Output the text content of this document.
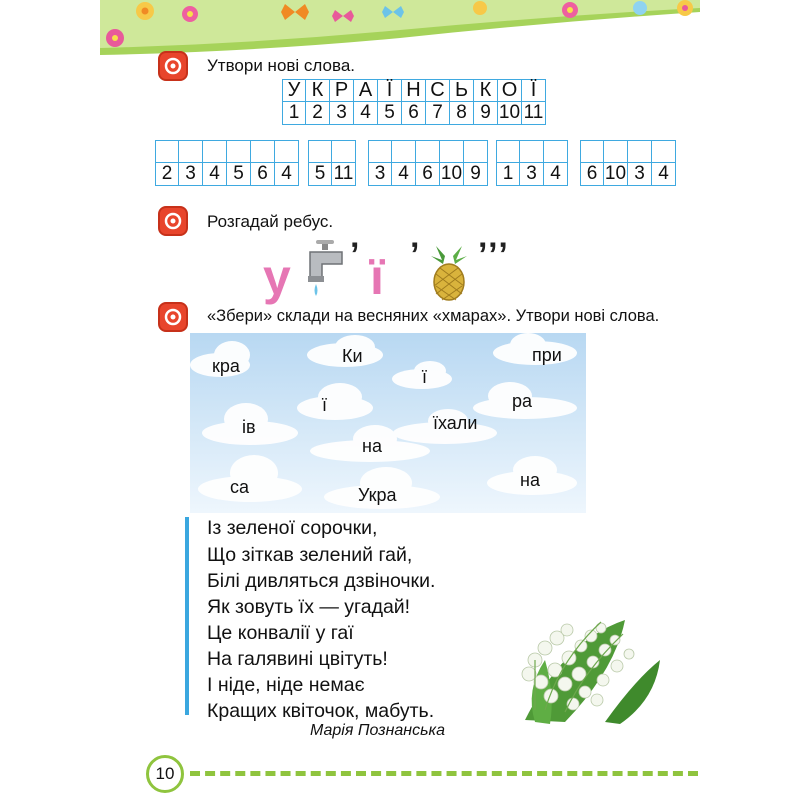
Утвори нові слова.
У К Р А Ї Н С Ь К О Ї
1 2 3 4 5 6 7 8 9 10 11
2 3 4 5 6 4	5 11	3 4 6 10 9	1 3 4	6 10 3 4
Розгадай ребус.
у ’ ї ’ ’’’
«Збери» склади на весняних «хмарах». Утвори нові слова.
кра	Ки	при
ї
ї	ра
ів	їхали
на
са	Укра
на
Із зеленої сорочки,
Що зіткав зелений гай,
Білі дивляться дзвіночки.
Як зовуть їх — угадай!
Це конвалії у гаї
На галявині цвітуть!
І ніде, ніде немає
Кращих квіточок, мабуть.
Марія Познанська
10
